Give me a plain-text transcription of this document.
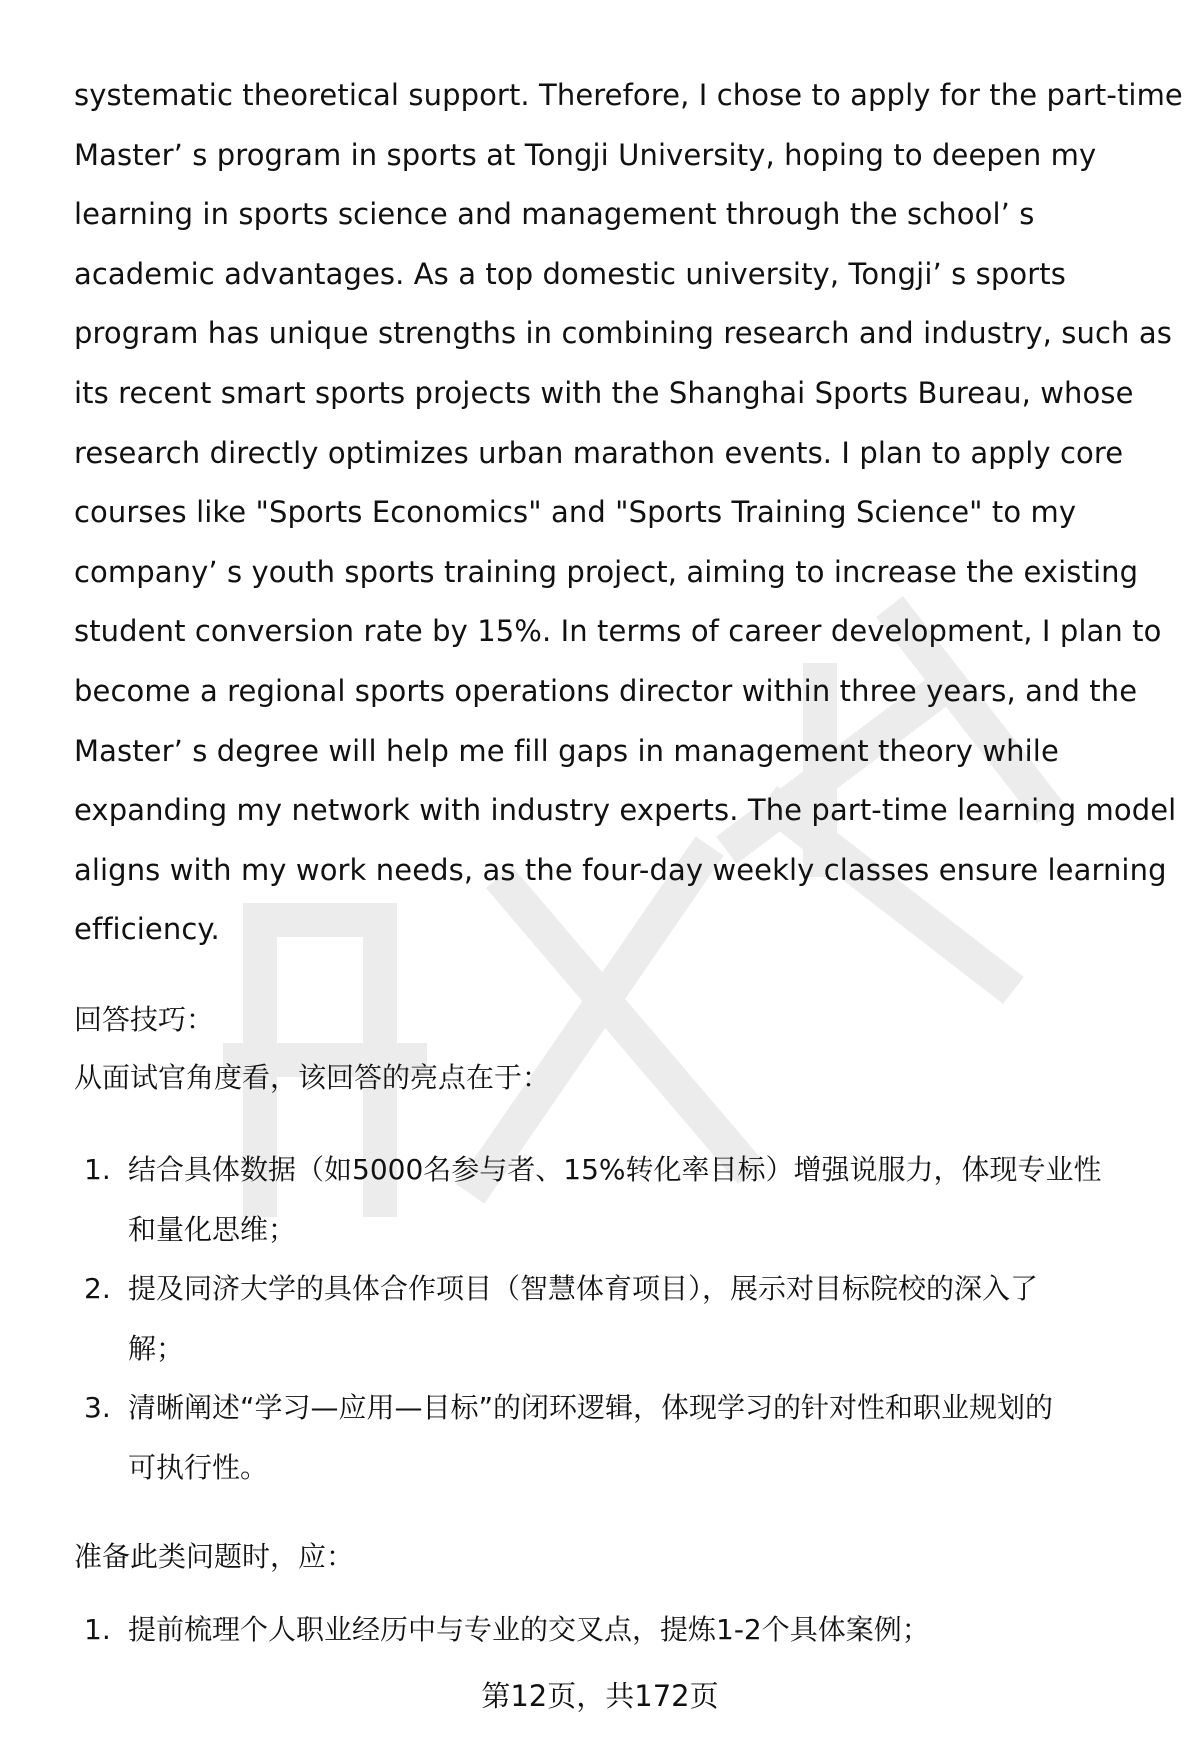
systematic theoretical support. Therefore, I chose to apply for the part-time
Master’ s program in sports at Tongji University, hoping to deepen my
learning in sports science and management through the school’ s
academic advantages. As a top domestic university, Tongji’ s sports
program has unique strengths in combining research and industry, such as
its recent smart sports projects with the Shanghai Sports Bureau, whose
research directly optimizes urban marathon events. I plan to apply core
courses like "Sports Economics" and "Sports Training Science" to my
company’ s youth sports training project, aiming to increase the existing
student conversion rate by 15%. In terms of career development, I plan to
become a regional sports operations director within three years, and the
Master’ s degree will help me fill gaps in management theory while
expanding my network with industry experts. The part-time learning model
aligns with my work needs, as the four-day weekly classes ensure learning
efficiency.

回答技巧：

从面试官角度看，该回答的亮点在于：

1. 结合具体数据（如5000名参与者、15%转化率目标）增强说服力，体现专业性
和量化思维；
2. 提及同济大学的具体合作项目（智慧体育项目），展示对目标院校的深入了
解；
3. 清晰阐述“学习—应用—目标”的闭环逻辑，体现学习的针对性和职业规划的
可执行性。

准备此类问题时，应：

1. 提前梳理个人职业经历中与专业的交叉点，提炼1-2个具体案例；
第12页，共172页
